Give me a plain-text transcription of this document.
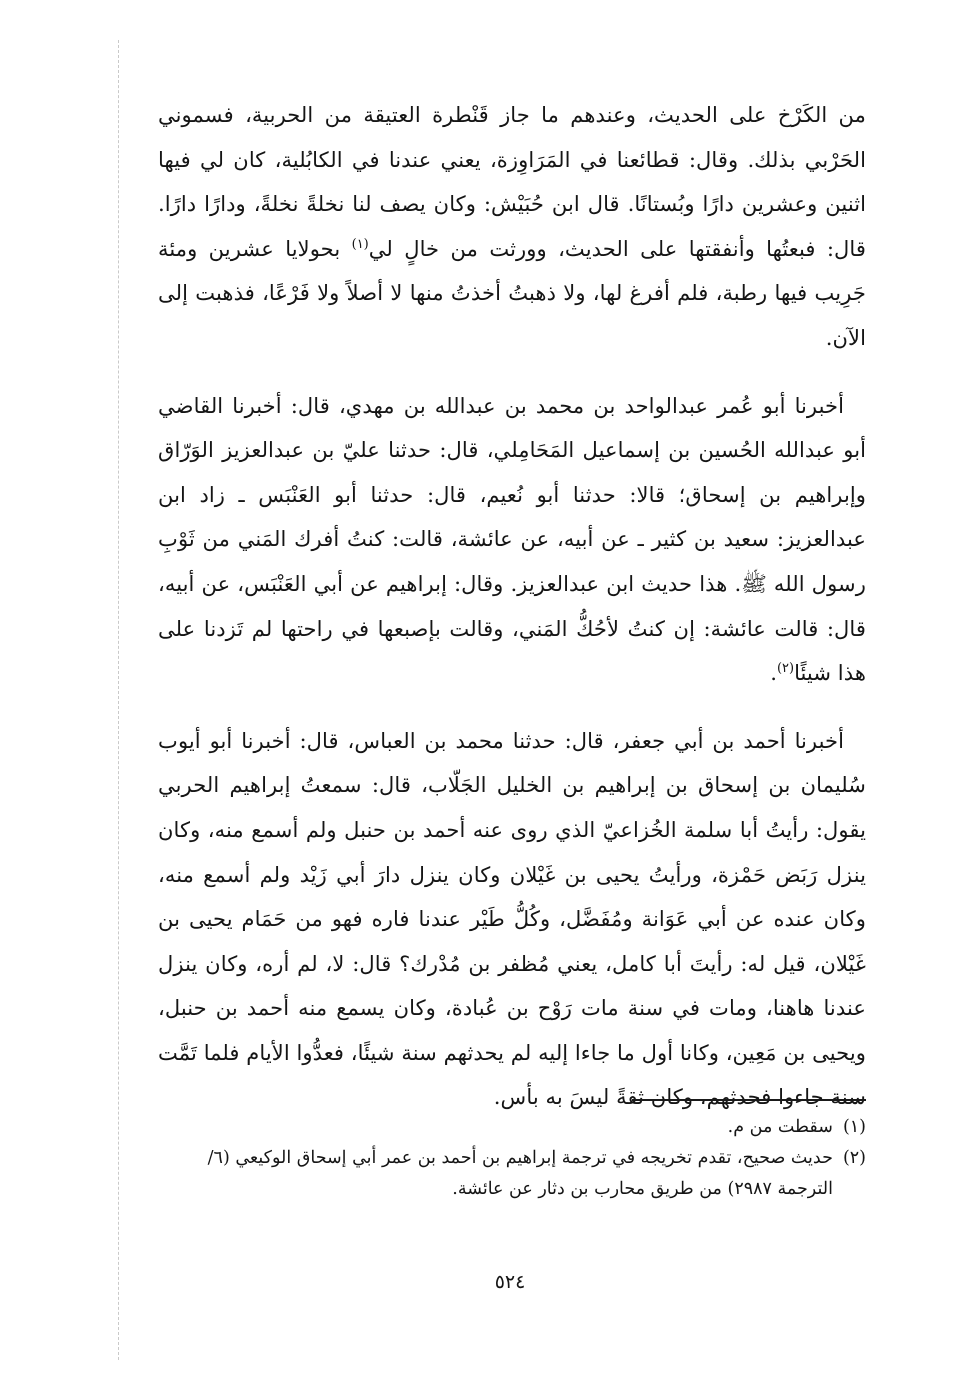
من الكَرْخ على الحديث، وعندهم ما جاز قَنْطرة العتيقة من الحربية، فسموني الحَرْبي بذلك. وقال: قطائعنا في المَرَاوِزة، يعني عندنا في الكابُلية، كان لي فيها اثنين وعشرين دارًا وبُستانًا. قال ابن حُبَيْش: وكان يصف لنا نخلةً نخلةً، ودارًا دارًا. قال: فبعتُها وأنفقتها على الحديث، وورثت من خالٍ لي$^{(١)}$ بحولايا عشرين ومئة جَرِيب فيها رطبة، فلم أفرغ لها، ولا ذهبتُ أخذتُ منها لا أصلاً ولا فَرْعًا، فذهبت إلى الآن.

أخبرنا أبو عُمر عبدالواحد بن محمد بن عبدالله بن مهدي، قال: أخبرنا القاضي أبو عبدالله الحُسين بن إسماعيل المَحَامِلي، قال: حدثنا عليّ بن عبدالعزيز الوَرّاق وإبراهيم بن إسحاق؛ قالا: حدثنا أبو نُعيم، قال: حدثنا أبو العَنْبَس ـ زاد ابن عبدالعزيز: سعيد بن كثير ـ عن أبيه، عن عائشة، قالت: كنتُ أفرك المَني من ثَوْبِ رسول الله ﷺ. هذا حديث ابن عبدالعزيز. وقال: إبراهيم عن أبي العَنْبَس، عن أبيه، قال: قالت عائشة: إن كنتُ لأحُكُّ المَني، وقالت بإصبعها في راحتها لم تَزدنا على هذا شيئًا$^{(٢)}$.

أخبرنا أحمد بن أبي جعفر، قال: حدثنا محمد بن العباس، قال: أخبرنا أبو أيوب سُليمان بن إسحاق بن إبراهيم بن الخليل الجَلّاب، قال: سمعتُ إبراهيم الحربي يقول: رأيتُ أبا سلمة الخُزاعيّ الذي روى عنه أحمد بن حنبل ولم أسمع منه، وكان ينزل رَبَض حَمْزة، ورأيتُ يحيى بن غَيْلان وكان ينزل دارَ أبي زَيْد ولم أسمع منه، وكان عنده عن أبي عَوَانة ومُفَضَّل، وكُلُّ طَيْر عندنا فاره فهو من حَمَام يحيى بن غَيْلان، قيل له: رأيتَ أبا كامل، يعني مُظفر بن مُدْرك؟ قال: لا، لم أره، وكان ينزل عندنا هاهنا، ومات في سنة مات رَوْح بن عُبادة، وكان يسمع منه أحمد بن حنبل، ويحيى بن مَعِين، وكانا أول ما جاءا إليه لم يحدثهم سنة شيئًا، فعدُّوا الأيام فلما تَمَّت سنة جاءوا فحدثهم، وكان ثقةً ليسَ به بأس.

(١)
سقطت من م.
(٢)
حديث صحيح، تقدم تخريجه في ترجمة إبراهيم بن أحمد بن عمر أبي إسحاق الوكيعي (٦/ الترجمة ٢٩٨٧) من طريق محارب بن دثار عن عائشة.
٥٢٤
